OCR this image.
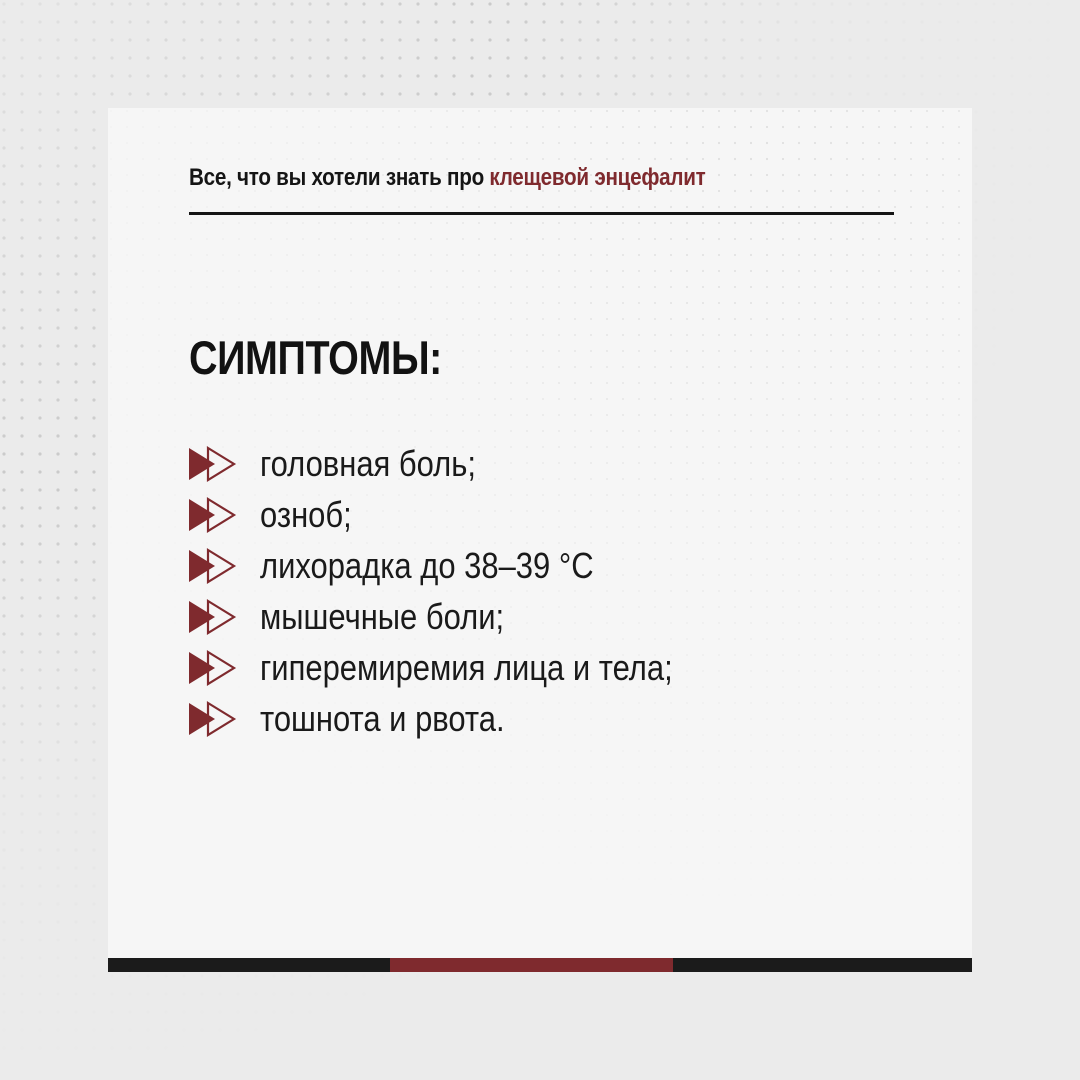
Все, что вы хотели знать про клещевой энцефалит
СИМПТОМЫ:
головная боль;
озноб;
лихорадка до 38–39 °С
мышечные боли;
гиперемиремия лица и тела;
тошнота и рвота.
